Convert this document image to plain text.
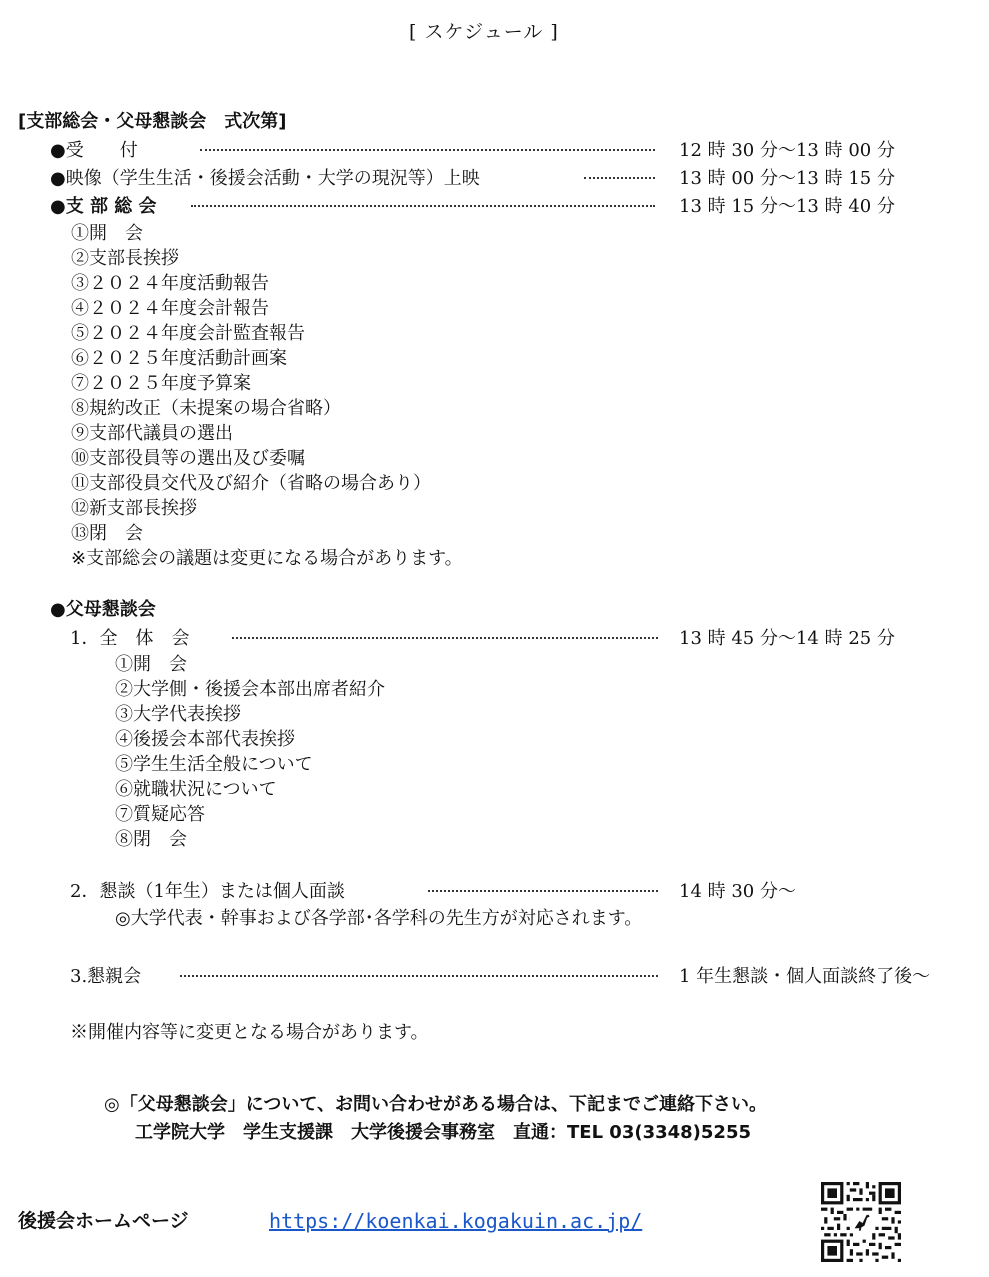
[ スケジュール ]
[支部総会・父母懇談会　式次第]
●受　　付	12 時 30 分〜13 時 00 分
●映像（学生生活・後援会活動・大学の現況等）上映	13 時 00 分〜13 時 15 分
●支 部 総 会	13 時 15 分〜13 時 40 分
①開　会
②支部長挨拶
③２０２４年度活動報告
④２０２４年度会計報告
⑤２０２４年度会計監査報告
⑥２０２５年度活動計画案
⑦２０２５年度予算案
⑧規約改正（未提案の場合省略）
⑨支部代議員の選出
⑩支部役員等の選出及び委嘱
⑪支部役員交代及び紹介（省略の場合あり）
⑫新支部長挨拶
⑬閉　会
※支部総会の議題は変更になる場合があります。
●父母懇談会
1．全　体　会	13 時 45 分〜14 時 25 分
①開　会
②大学側・後援会本部出席者紹介
③大学代表挨拶
④後援会本部代表挨拶
⑤学生生活全般について
⑥就職状況について
⑦質疑応答
⑧閉　会
2．懇談（1年生）または個人面談	14 時 30 分〜
◎大学代表・幹事および各学部･各学科の先生方が対応されます。
3.懇親会	1 年生懇談・個人面談終了後〜
※開催内容等に変更となる場合があります。
◎「父母懇談会」について、お問い合わせがある場合は、下記までご連絡下さい。
工学院大学　学生支援課　大学後援会事務室　直通：TEL 03(3348)5255
後援会ホームページ	https://koenkai.kogakuin.ac.jp/
